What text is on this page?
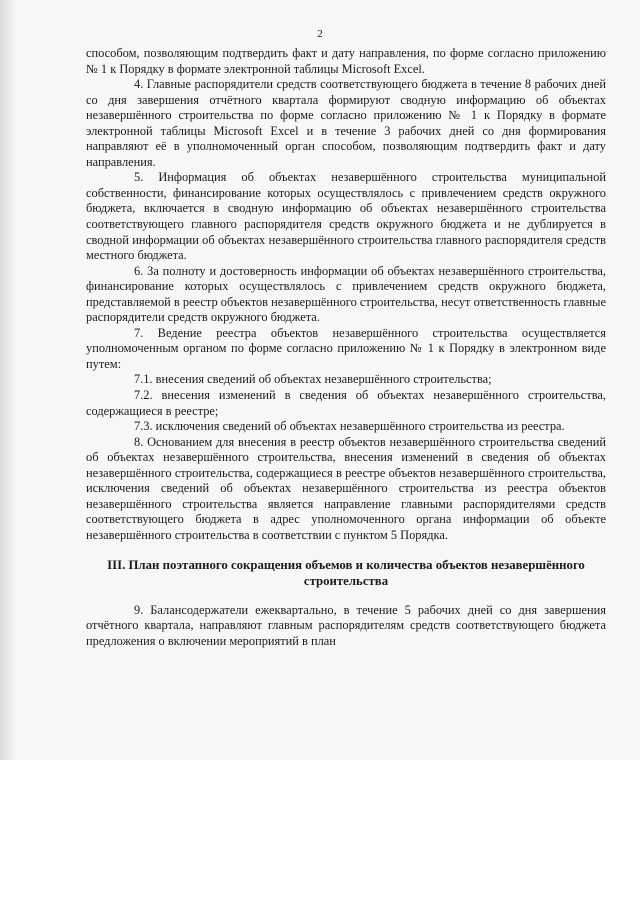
2

способом, позволяющим подтвердить факт и дату направления, по форме согласно приложению № 1 к Порядку в формате электронной таблицы Microsoft Excel.

4. Главные распорядители средств соответствующего бюджета в течение 8 рабочих дней со дня завершения отчётного квартала формируют сводную информацию об объектах незавершённого строительства по форме согласно приложению № 1 к Порядку в формате электронной таблицы Microsoft Excel и в течение 3 рабочих дней со дня формирования направляют её в уполномоченный орган способом, позволяющим подтвердить факт и дату направления.

5. Информация об объектах незавершённого строительства муниципальной собственности, финансирование которых осуществлялось с привлечением средств окружного бюджета, включается в сводную информацию об объектах незавершённого строительства соответствующего главного распорядителя средств окружного бюджета и не дублируется в сводной информации об объектах незавершённого строительства главного распорядителя средств местного бюджета.

6. За полноту и достоверность информации об объектах незавершённого строительства, финансирование которых осуществлялось с привлечением средств окружного бюджета, представляемой в реестр объектов незавершённого строительства, несут ответственность главные распорядители средств окружного бюджета.

7. Ведение реестра объектов незавершённого строительства осуществляется уполномоченным органом по форме согласно приложению № 1 к Порядку в электронном виде путем:

7.1. внесения сведений об объектах незавершённого строительства;

7.2. внесения изменений в сведения об объектах незавершённого строительства, содержащиеся в реестре;

7.3. исключения сведений об объектах незавершённого строительства из реестра.

8. Основанием для внесения в реестр объектов незавершённого строительства сведений об объектах незавершённого строительства, внесения изменений в сведения об объектах незавершённого строительства, содержащиеся в реестре объектов незавершённого строительства, исключения сведений об объектах незавершённого строительства из реестра объектов незавершённого строительства является направление главными распорядителями средств соответствующего бюджета в адрес уполномоченного органа информации об объекте незавершённого строительства в соответствии с пунктом 5 Порядка.

III. План поэтапного сокращения объемов и количества объектов незавершённого строительства

9. Балансодержатели ежеквартально, в течение 5 рабочих дней со дня завершения отчётного квартала, направляют главным распорядителям средств соответствующего бюджета предложения о включении мероприятий в план
